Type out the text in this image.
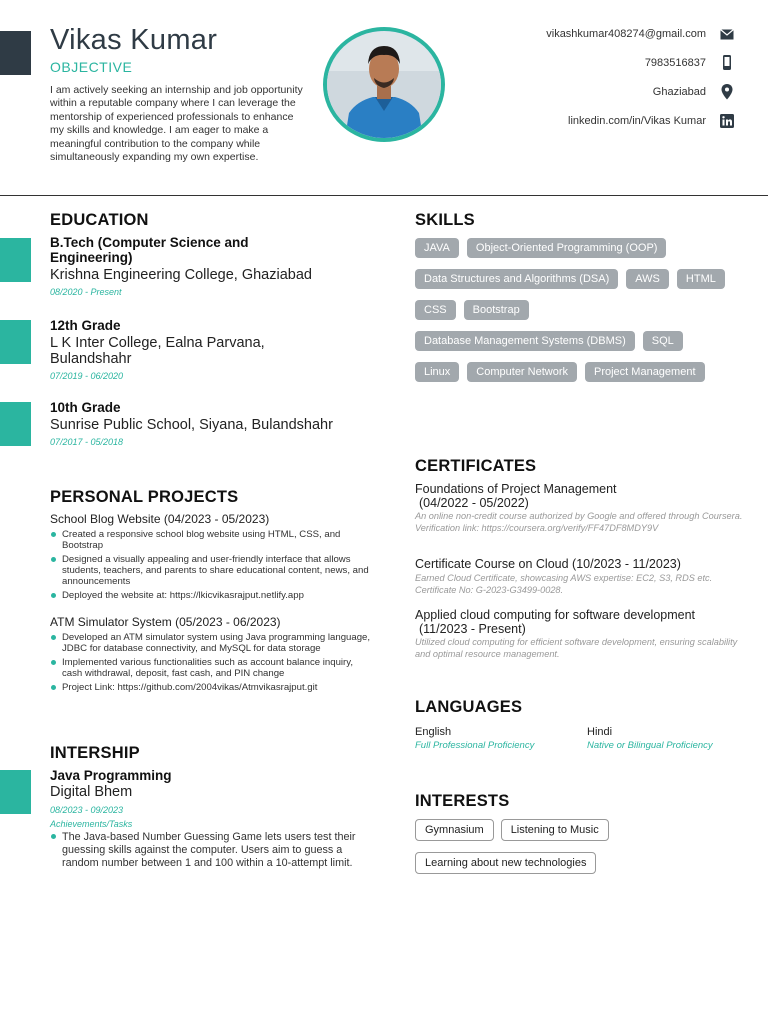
Vikas Kumar
OBJECTIVE
I am actively seeking an internship and job opportunity within a reputable company where I can leverage the mentorship of experienced professionals to enhance my skills and knowledge. I am eager to make a meaningful contribution to the company while simultaneously expanding my own expertise.
vikashkumar408274@gmail.com
7983516837
Ghaziabad
linkedin.com/in/Vikas Kumar
EDUCATION
B.Tech (Computer Science and Engineering)
Krishna Engineering College, Ghaziabad
08/2020 - Present
12th Grade
L K Inter College, Ealna Parvana, Bulandshahr
07/2019 - 06/2020
10th Grade
Sunrise Public School, Siyana, Bulandshahr
07/2017 - 05/2018
PERSONAL PROJECTS
School Blog Website (04/2023 - 05/2023)
Created a responsive school blog website using HTML, CSS, and Bootstrap
Designed a visually appealing and user-friendly interface that allows students, teachers, and parents to share educational content, news, and announcements
Deployed the website at: https://lkicvikasrajput.netlify.app
ATM Simulator System (05/2023 - 06/2023)
Developed an ATM simulator system using Java programming language, JDBC for database connectivity, and MySQL for data storage
Implemented various functionalities such as account balance inquiry, cash withdrawal, deposit, fast cash, and PIN change
Project Link: https://github.com/2004vikas/Atmvikasrajput.git
INTERSHIP
Java Programming
Digital Bhem
08/2023 - 09/2023
Achievements/Tasks
The Java-based Number Guessing Game lets users test their guessing skills against the computer. Users aim to guess a random number between 1 and 100 within a 10-attempt limit.
SKILLS
JAVA	Object-Oriented Programming (OOP)
Data Structures and Algorithms (DSA)	AWS	HTML
CSS	Bootstrap
Database Management Systems (DBMS)	SQL
Linux	Computer Network	Project Management
CERTIFICATES
Foundations of Project Management
(04/2022 - 05/2022)
An online non-credit course authorized by Google and offered through Coursera. Verification link: https://coursera.org/verify/FF47DF8MDY9V
Certificate Course on Cloud (10/2023 - 11/2023)
Earned Cloud Certificate, showcasing AWS expertise: EC2, S3, RDS etc. Certificate No: G-2023-G3499-0028.
Applied cloud computing for software development
(11/2023 - Present)
Utilized cloud computing for efficient software development, ensuring scalability and optimal resource management.
LANGUAGES
English
Full Professional Proficiency
Hindi
Native or Bilingual Proficiency
INTERESTS
Gymnasium	Listening to Music
Learning about new technologies
